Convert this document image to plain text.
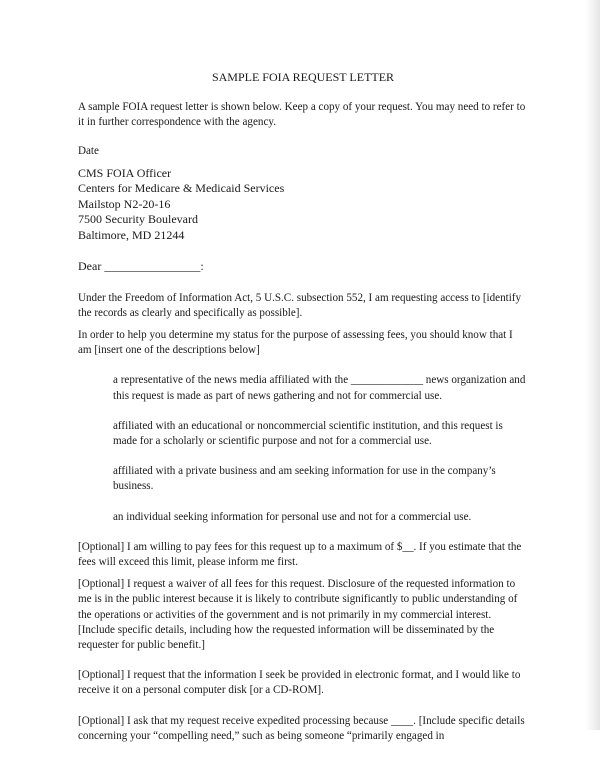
SAMPLE FOIA REQUEST LETTER

A sample FOIA request letter is shown below. Keep a copy of your request. You may need to refer to it in further correspondence with the agency.

Date

CMS FOIA Officer
Centers for Medicare & Medicaid Services
Mailstop N2-20-16
7500 Security Boulevard
Baltimore, MD 21244
Dear ________________:

Under the Freedom of Information Act, 5 U.S.C. subsection 552, I am requesting access to [identify the records as clearly and specifically as possible].

In order to help you determine my status for the purpose of assessing fees, you should know that I am [insert one of the descriptions below]

a representative of the news media affiliated with the _____________ news organization and this request is made as part of news gathering and not for commercial use.

affiliated with an educational or noncommercial scientific institution, and this request is made for a scholarly or scientific purpose and not for a commercial use.

affiliated with a private business and am seeking information for use in the company’s business.

an individual seeking information for personal use and not for a commercial use.

[Optional] I am willing to pay fees for this request up to a maximum of $__. If you estimate that the fees will exceed this limit, please inform me first.

[Optional] I request a waiver of all fees for this request. Disclosure of the requested information to me is in the public interest because it is likely to contribute significantly to public understanding of the operations or activities of the government and is not primarily in my commercial interest. [Include specific details, including how the requested information will be disseminated by the requester for public benefit.]

[Optional] I request that the information I seek be provided in electronic format, and I would like to receive it on a personal computer disk [or a CD-ROM].

[Optional] I ask that my request receive expedited processing because ____. [Include specific details concerning your “compelling need,” such as being someone “primarily engaged in
